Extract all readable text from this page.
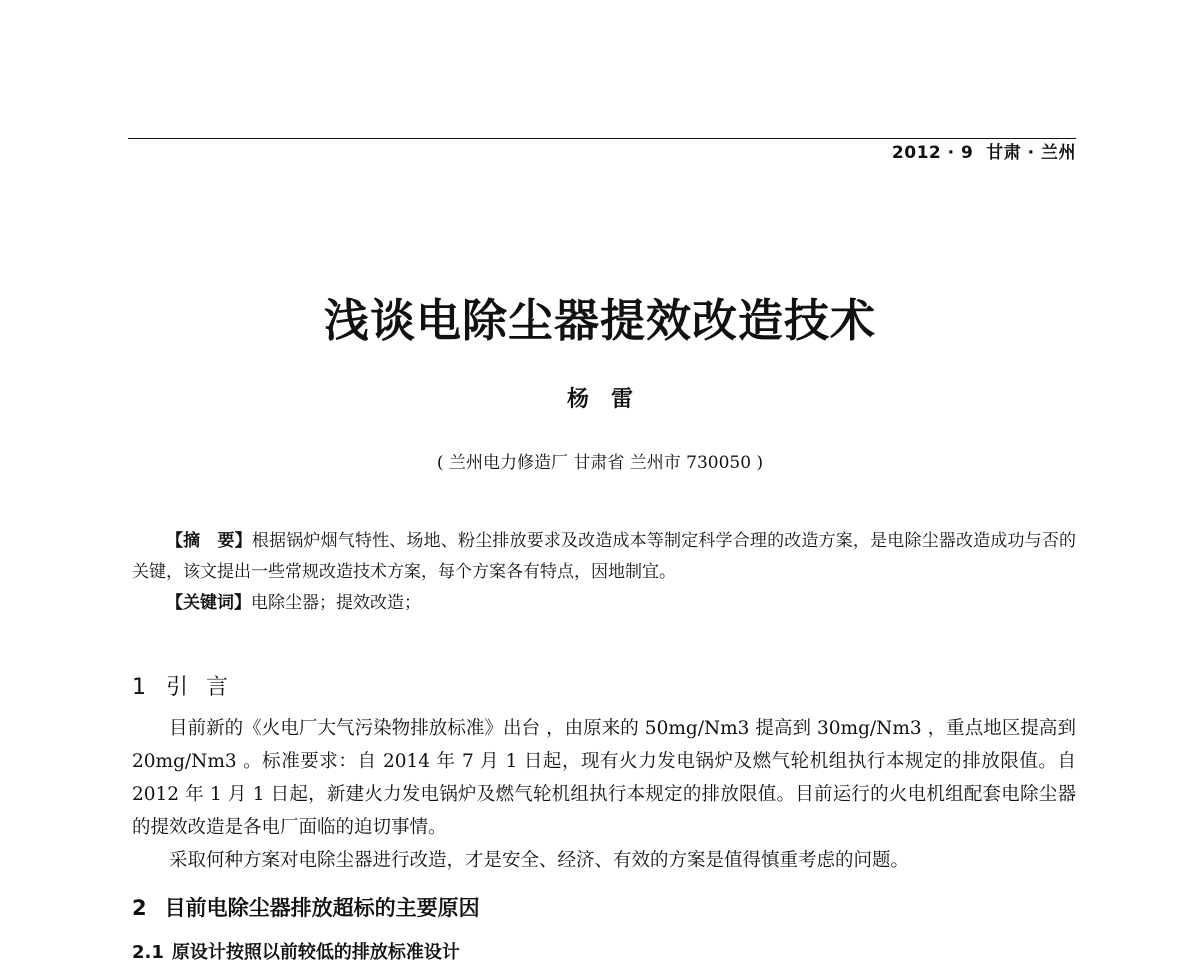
2012 · 9 甘肃 · 兰州
浅谈电除尘器提效改造技术
杨雷
( 兰州电力修造厂 甘肃省 兰州市 730050 )

【摘　要】根据锅炉烟气特性、场地、粉尘排放要求及改造成本等制定科学合理的改造方案，是电除尘器改造成功与否的关键，该文提出一些常规改造技术方案，每个方案各有特点，因地制宜。

【关键词】电除尘器；提效改造；

1 引言

目前新的《火电厂大气污染物排放标准》出台 ，由原来的 50mg/Nm3 提高到 30mg/Nm3 ，重点地区提高到 20mg/Nm3 。标准要求：自 2014 年 7 月 1 日起，现有火力发电锅炉及燃气轮机组执行本规定的排放限值。自 2012 年 1 月 1 日起，新建火力发电锅炉及燃气轮机组执行本规定的排放限值。目前运行的火电机组配套电除尘器的提效改造是各电厂面临的迫切事情。

采取何种方案对电除尘器进行改造，才是安全、经济、有效的方案是值得慎重考虑的问题。

2 目前电除尘器排放超标的主要原因
2.1 原设计按照以前较低的排放标准设计
